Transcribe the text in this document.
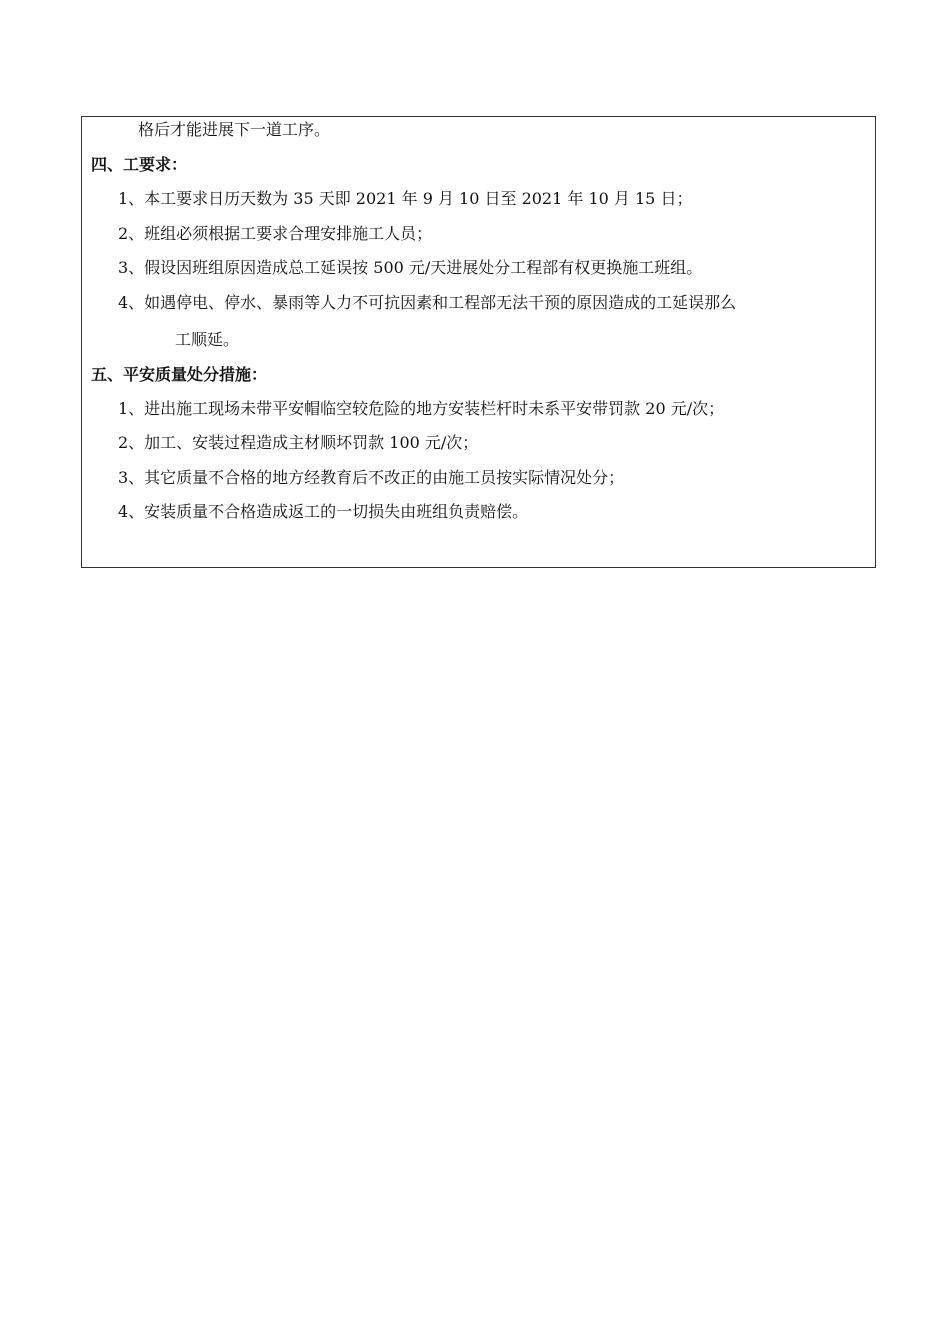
格后才能进展下一道工序。
四、工要求：
1、本工要求日历天数为 35 天即 2021 年 9 月 10 日至 2021 年 10 月 15 日；
2、班组必须根据工要求合理安排施工人员；
3、假设因班组原因造成总工延误按 500 元/天进展处分工程部有权更换施工班组。
4、如遇停电、停水、暴雨等人力不可抗因素和工程部无法干预的原因造成的工延误那么
工顺延。
五、平安质量处分措施：
1、进出施工现场未带平安帽临空较危险的地方安装栏杆时未系平安带罚款 20 元/次；
2、加工、安装过程造成主材顺坏罚款 100 元/次；
3、其它质量不合格的地方经教育后不改正的由施工员按实际情况处分；
4、安装质量不合格造成返工的一切损失由班组负责赔偿。
